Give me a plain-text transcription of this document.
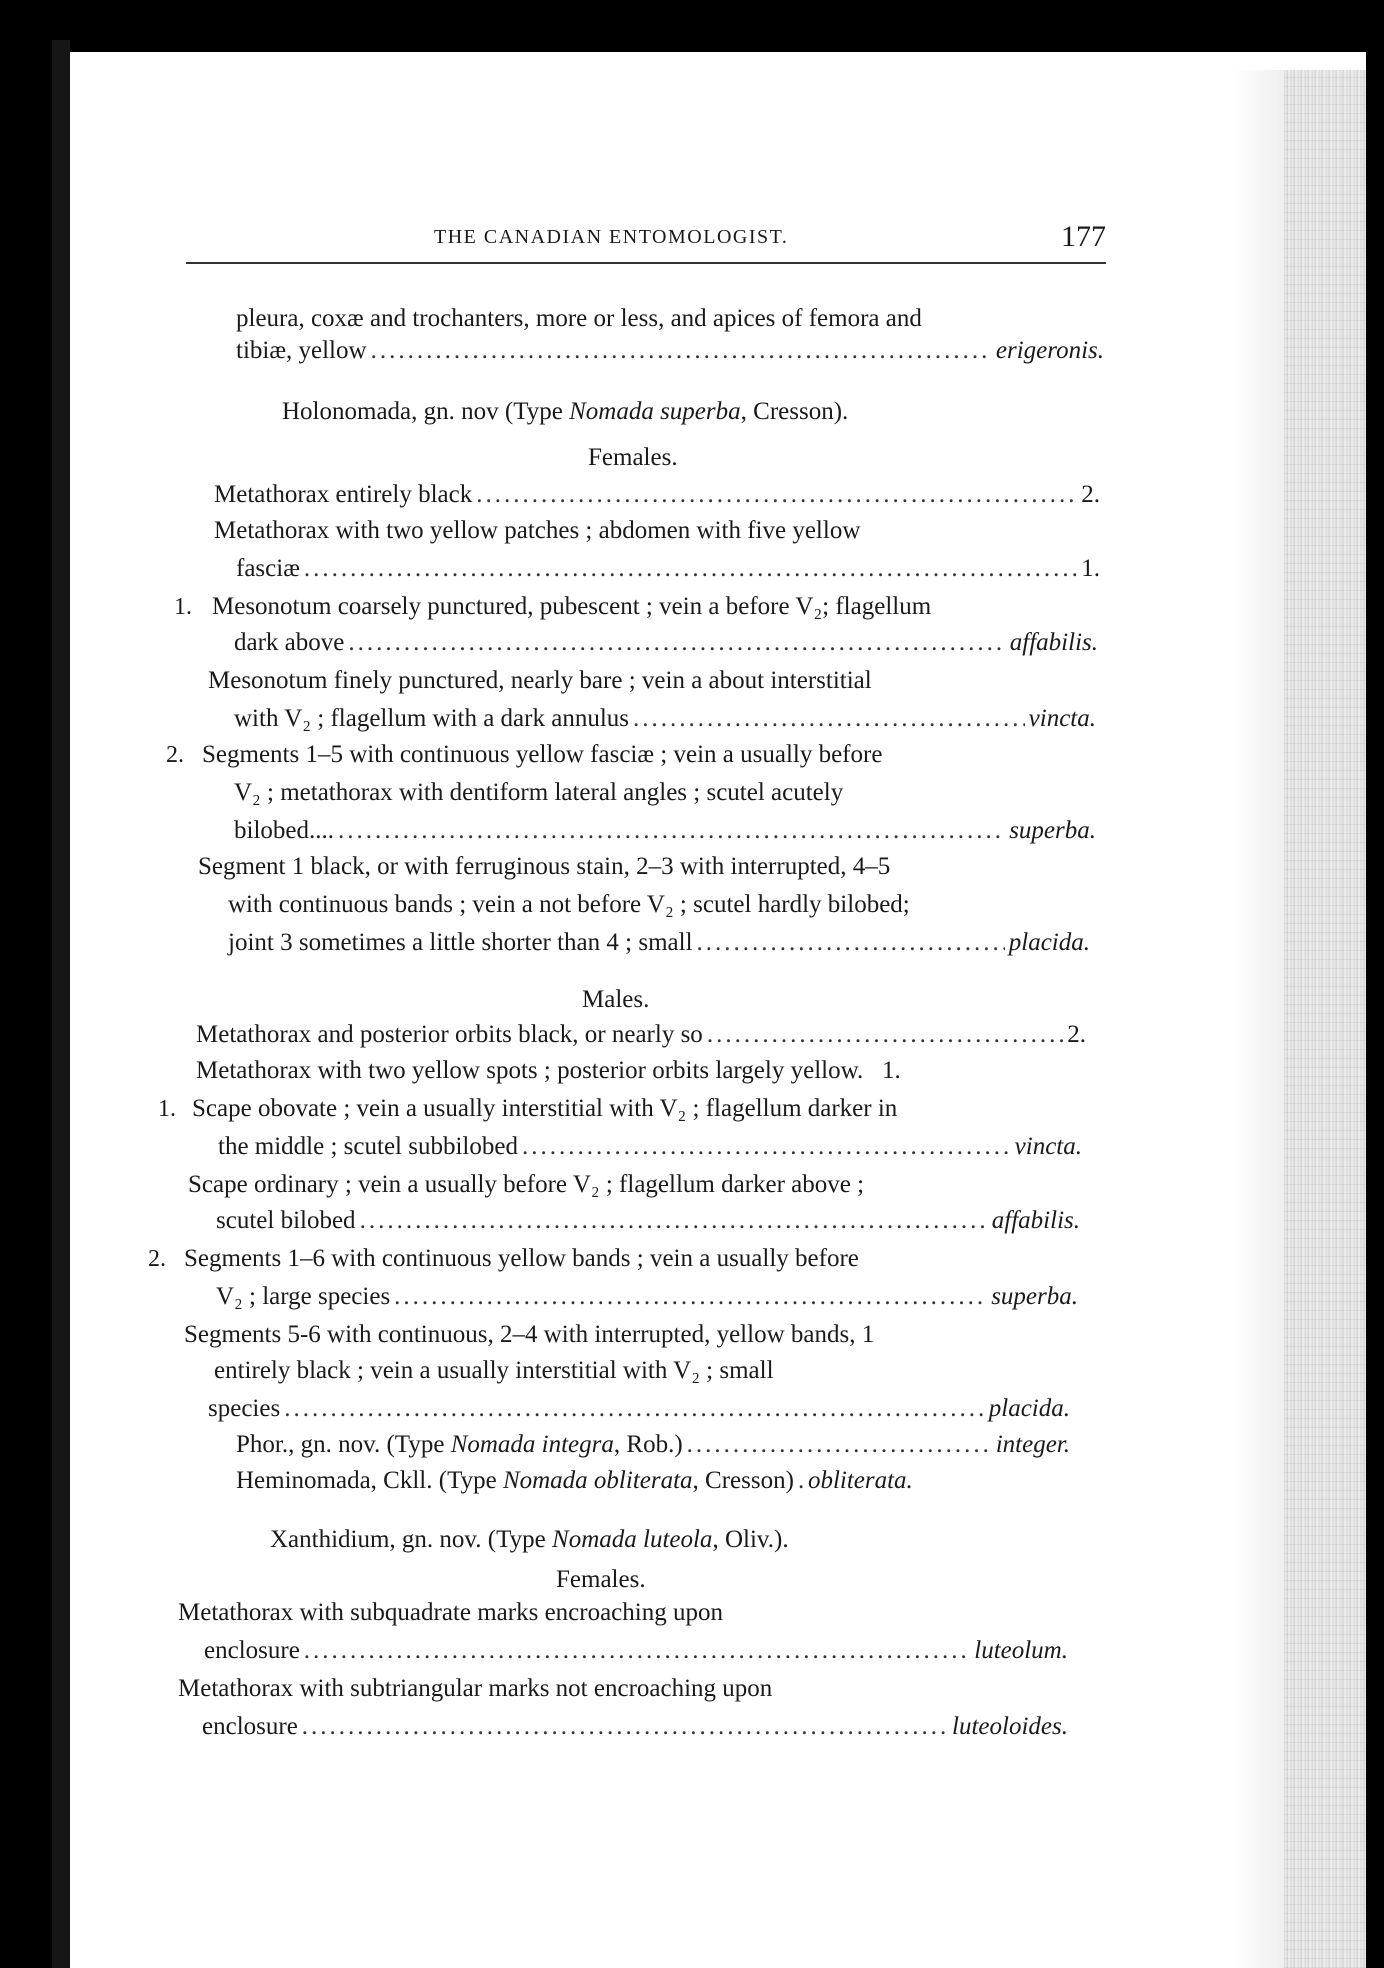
THE CANADIAN ENTOMOLOGIST.	177
pleura, coxæ and trochanters, more or less, and apices of femora and
tibiæ, yellow .....	erigeronis.
Holonomada, gn. nov (Type Nomada superba, Cresson).
Females.
Metathorax entirely black .....	2.
Metathorax with two yellow patches ; abdomen with five yellow
fasciæ .....	1.
1. Mesonotum coarsely punctured, pubescent ; vein a before V₂; flagellum
dark above .....	affabilis.
Mesonotum finely punctured, nearly bare ; vein a about interstitial
with V₂ ; flagellum with a dark annulus .....	vincta.
2. Segments 1–5 with continuous yellow fasciæ ; vein a usually before
V₂ ; metathorax with dentiform lateral angles ; scutel acutely
bilobed.... .....	superba.
Segment 1 black, or with ferruginous stain, 2–3 with interrupted, 4–5
with continuous bands ; vein a not before V₂ ; scutel hardly bilobed;
joint 3 sometimes a little shorter than 4 ; small .....	placida.
Males.
Metathorax and posterior orbits black, or nearly so .....	2.
Metathorax with two yellow spots ; posterior orbits largely yellow. 1.
1. Scape obovate ; vein a usually interstitial with V₂ ; flagellum darker in
the middle ; scutel subbilobed .....	vincta.
Scape ordinary ; vein a usually before V₂ ; flagellum darker above ;
scutel bilobed .....	affabilis.
2. Segments 1–6 with continuous yellow bands ; vein a usually before
V₂ ; large species .....	superba.
Segments 5-6 with continuous, 2–4 with interrupted, yellow bands, 1
entirely black ; vein a usually interstitial with V₂ ; small
species .....	placida.
Phor., gn. nov. (Type Nomada integra, Rob.) .....	integer.
Heminomada, Ckll. (Type Nomada obliterata, Cresson) ..... obliterata.
Xanthidium, gn. nov. (Type Nomada luteola, Oliv.).
Females.
Metathorax with subquadrate marks encroaching upon
enclosure .....	luteolum.
Metathorax with subtriangular marks not encroaching upon
enclosure .....	luteoloides.
